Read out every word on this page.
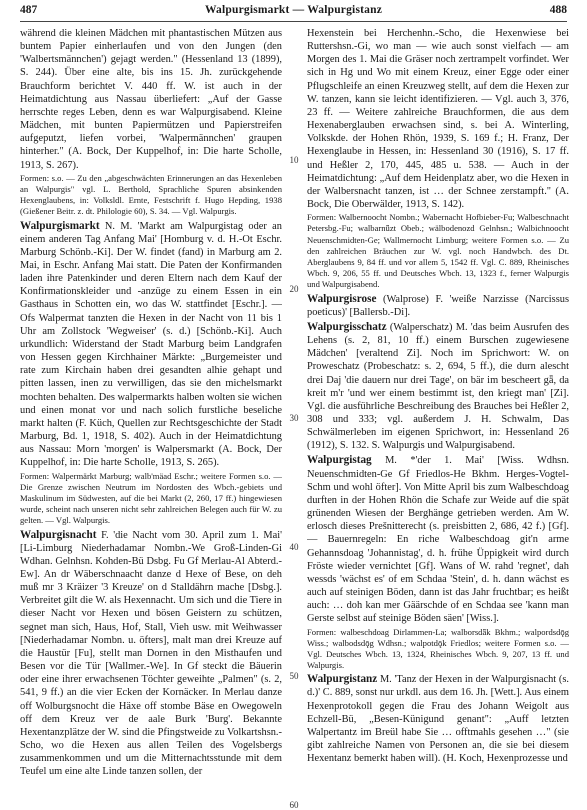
487	Walpurgismarkt — Walpurgistanz	488

während die kleinen Mädchen mit phantastischen Mützen aus buntem Papier einherlaufen und von den Jungen (den 'Walbertsmännchen') gejagt werden." (Hessenland 13 (1899), S. 244). Über eine alte, bis ins 15. Jh. zurückgehende Brauchform berichtet V. 440 ff. W. ist auch in der Heimatdichtung aus Nassau überliefert: „Auf der Gasse herrschte reges Leben, denn es war Walpurgisabend. Kleine Mädchen, mit bunten Papiermützen und Papierstreifen aufgeputzt, liefen vorbei, 'Walpermännchen' graupen hinterher." (A. Bock, Der Kuppelhof, in: Die harte Scholle, 1913, S. 267).

Formen: s.o. — Zu den „abgeschwächten Erinnerungen an das Hexenleben an Walpurgis" vgl. L. Berthold, Sprachliche Spuren absinkenden Hexenglaubens, in: Volksldl. Ernte, Festschrift f. Hugo Hepding, 1938 (Gießener Beitr. z. dt. Philologie 60), S. 34. — Vgl. Walpurgis.

Walpurgismarkt N. M. 'Markt am Walpurgistag oder an einem anderen Tag Anfang Mai' [Homburg v. d. H.-Ot Eschr. Marburg Schönb.-Ki]. Der W. findet (fand) in Marburg am 2. Mai, in Eschr. Anfang Mai statt. Die Paten der Konfirmanden laden ihre Patenkinder und deren Eltern nach dem Kauf der Konfirmationskleider und -anzüge zu einem Essen in ein Gasthaus in Schotten ein, wo das W. stattfindet [Eschr.]. — Ofs Walpermat tanzten die Hexen in der Nacht von 11 bis 1 Uhr am Zollstock 'Wegweiser' (s. d.) [Schönb.-Ki]. Auch urkundlich: Widerstand der Stadt Marburg beim Landgrafen von Hessen gegen Kirchhainer Märkte: „Burgemeister und rate zum Kirchain haben drei gesandten alhie gehapt und pitten lassen, inen zu verwilligen, das sie den michelsmarkt mochten behalten. Des walpermarkts halben wolten sie wichen und einen monat vor und nach solich furstliche beseliche markt halten (F. Küch, Quellen zur Rechtsgeschichte der Stadt Marburg, Bd. 1, 1918, S. 402). Auch in der Heimatdichtung aus Nassau: Morn 'morgen' is Walpersmarkt (A. Bock, Der Kuppelhof, in: Die harte Scholle, 1913, S. 265).

Formen: Walpermärkt Marburg; walb'mäad Eschr.; weitere Formen s.o. — Die Grenze zwischen Neutrum im Nordosten des Wbch.-gebiets und Maskulinum im Südwesten, auf die bei Markt (2, 260, 17 ff.) hingewiesen wurde, scheint nach unseren nicht sehr zahlreichen Belegen auch für W. zu gelten. — Vgl. Walpurgis.

Walpurgisnacht F. 'die Nacht vom 30. April zum 1. Mai' [Li-Limburg Niederhadamar Nombn.-We Groß-Linden-Gi Wdhan. Gelnhsn. Kohden-Bü Dsbg. Fu Gf Merlau-Al Abterd.-Ew]. An dr Wäberschnaacht danze d Hexe of Bese, on deh muß mr 3 Kräizer '3 Kreuze' on d Stalldährn mache [Dsbg.]. Verbreitet gilt die W. als Hexennacht. Um sich und die Tiere in dieser Nacht vor Hexen und bösen Geistern zu schützen, segnet man sich, Haus, Hof, Stall, Vieh usw. mit Weihwasser [Niederhadamar Nombn. u. öfters], malt man drei Kreuze auf die Haustür [Fu], stellt man Dornen in den Misthaufen und Besen vor die Tür [Wallmer.-We]. In Gf steckt die Bäuerin oder eine ihrer erwachsenen Töchter geweihte „Palmen" (s. 2, 541, 9 ff.) an die vier Ecken der Kornäcker. In Merlau danze off Wolburgsnocht die Häxe off stombe Bäse en Owegoweln off dem Kreuz ver de aale Burk 'Burg'. Bekannte Hexentanzplätze der W. sind die Pfingstweide zu Volkartshsn.-Scho, wo die Hexen aus allen Teilen des Vogelsbergs zusammenkommen und um die Mitternachtsstunde mit dem Teufel um eine alte Linde tanzen sollen, der

10
20
30
40
50
60

Hexenstein bei Herchenhn.-Scho, die Hexenwiese bei Ruttershsn.-Gi, wo man — wie auch sonst vielfach — am Morgen des 1. Mai die Gräser noch zertrampelt vorfindet. Wer sich in Hg und Wo mit einem Kreuz, einer Egge oder einer Pflugschleife an einen Kreuzweg stellt, auf dem die Hexen zur W. tanzen, kann sie leicht identifizieren. — Vgl. auch 3, 376, 23 ff. — Weitere zahlreiche Brauchformen, die aus dem Hexenaberglauben erwachsen sind, s. bei A. Winterling, Volkskde. der Hohen Rhön, 1939, S. 169 f.; H. Franz, Der Hexenglaube in Hessen, in: Hessenland 30 (1916), S. 17 ff. und Heßler 2, 170, 445, 485 u. 538. — Auch in der Heimatdichtung: „Auf dem Heidenplatz aber, wo die Hexen in der Walbersnacht tanzen, ist … der Schnee zerstampft." (A. Bock, Die Oberwälder, 1913, S. 142).

Formen: Walbernoocht Nombn.; Wabernacht Hofbieber-Fu; Walbeschnacht Petersbg.-Fu; walbarnǖzt Obeb.; wälbodenozd Gelnhsn.; Walbichnoocht Neuenschmidten-Ge; Wallmernocht Limburg; weitere Formen s.o. — Zu den zahlreichen Bräuchen zur W. vgl. noch Handwbch. des Dt. Aberglaubens 9, 84 ff. und vor allem 5, 1542 ff. Vgl. C. 889, Rheinisches Wbch. 9, 206, 55 ff. und Deutsches Wbch. 13, 1323 f., ferner Walpurgis und Walpurgisabend.

Walpurgisrose (Walprose) F. 'weiße Narzisse (Narcissus poeticus)' [Ballersb.-Di].

Walpurgisschatz (Walperschatz) M. 'das beim Ausrufen des Lehens (s. 2, 81, 10 ff.) einem Burschen zugewiesene Mädchen' [veraltend Zi]. Noch im Sprichwort: W. on Proweschatz (Probeschatz: s. 2, 694, 5 ff.), die durn alescht drei Daj 'die dauern nur drei Tage', on bär im bescheert gǟ, da kreit m'r 'und wer einem bestimmt ist, den kriegt man' [Zi]. Vgl. die ausführliche Beschreibung des Brauches bei Heßler 2, 308 und 333; vgl. außerdem J. H. Schwalm, Das Schwälmerleben im eigenen Sprichwort, in: Hessenland 26 (1912), S. 132. S. Walpurgis und Walpurgisabend.

Walpurgistag M. *'der 1. Mai' [Wiss. Wdhsn. Neuenschmidten-Ge Gf Friedlos-He Bkhm. Herges-Vogtel-Schm und wohl öfter]. Von Mitte April bis zum Walbeschdoag durften in der Hohen Rhön die Schafe zur Weide auf die spät grünenden Wiesen der Berghänge getrieben werden. Am W. erlosch dieses Prešnitterecht (s. preisbitten 2, 686, 42 f.) [Gf]. — Bauernregeln: En riche Walbeschdoag git'n arme Gehannsdoag 'Johannistag', d. h. frühe Üppigkeit wird durch Fröste wieder vernichtet [Gf]. Wans of W. rahd 'regnet', dah wessds 'wächst es' of em Schdaa 'Stein', d. h. dann wächst es auch auf steinigen Böden, dann ist das Jahr fruchtbar; es heißt auch: … doh kan mer Gäärschde of en Schdaa see 'kann man Gerste selbst auf steinige Böden säen' [Wiss.].

Formen: walbeschdoag Dirlammen-La; walborsdǟk Bkhm.; walpordsdǭg Wiss.; walbodsdǭg Wdhsn.; walpotdǭk Friedlos; weitere Formen s.o. — Vgl. Deutsches Wbch. 13, 1324, Rheinisches Wbch. 9, 207, 13 ff. und Walpurgis.

Walpurgistanz M. 'Tanz der Hexen in der Walpurgisnacht (s. d.)' C. 889, sonst nur urkdl. aus dem 16. Jh. [Wett.]. Aus einem Hexenprotokoll gegen die Frau des Johann Weigolt aus Echzell-Bü, „Besen-Künigund genant": „Auff letzten Walpertantz im Breül habe Sie … offtmahls gesehen …" (sie gibt zahlreiche Namen von Personen an, die sie bei diesem Hexentanz bemerkt haben will). (H. Koch, Hexenprozesse und
